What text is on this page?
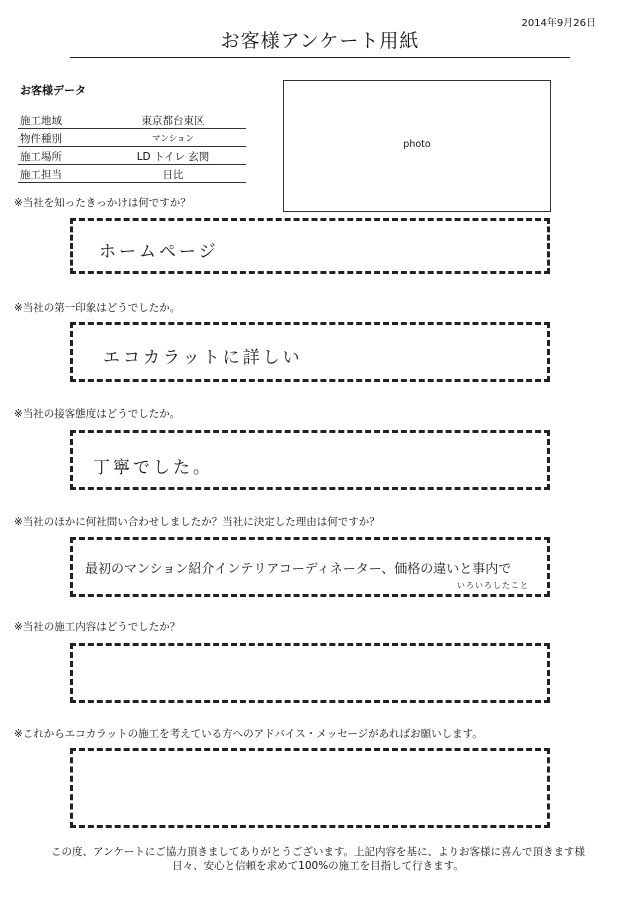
2014年9月26日
お客様アンケート用紙
お客様データ
施工地域	東京都台東区
物件種別	マンション
施工場所	LD トイレ 玄関
施工担当	日比
photo
※当社を知ったきっかけは何ですか？
ホームページ
※当社の第一印象はどうでしたか。
エコカラットに詳しい
※当社の接客態度はどうでしたか。
丁寧でした。
※当社のほかに何社問い合わせしましたか？当社に決定した理由は何ですか？
最初のマンション紹介インテリアコーディネーター、価格の違いと事内で
いろいろしたこと
※当社の施工内容はどうでしたか？
※これからエコカラットの施工を考えている方へのアドバイス・メッセージがあればお願いします。
この度、アンケートにご協力頂きましてありがとうございます。上記内容を基に、よりお客様に喜んで頂きます様
日々、安心と信頼を求めて100%の施工を目指して行きます。
